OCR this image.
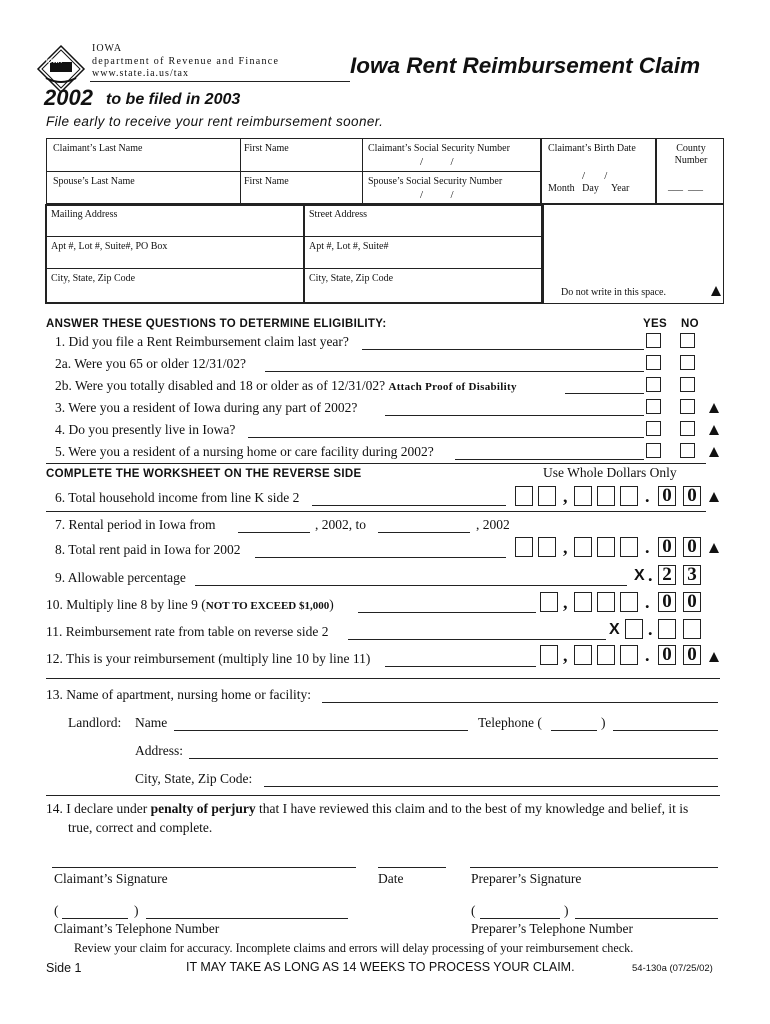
IOWA
IOWA
department of Revenue and Finance
www.state.ia.us/tax	Iowa Rent Reimbursement Claim
2002 to be filed in 2003
File early to receive your rent reimbursement sooner.
Claimant’s Last Name	First Name	Claimant’s Social Security Number
/          /
Spouse’s Last Name	First Name	Spouse’s Social Security Number
/          /
Claimant’s Birth Date
/       /
Month   Day     Year
County Number
___  ___
Mailing Address	Street Address
Apt #, Lot #, Suite#, PO Box	Apt #, Lot #, Suite#
City, State, Zip Code	City, State, Zip Code
Do not write in this space.
ANSWER THESE QUESTIONS TO DETERMINE ELIGIBILITY:	YES NO
1. Did you file a Rent Reimbursement claim last year?
2a. Were you 65 or older 12/31/02?
2b. Were you totally disabled and 18 or older as of 12/31/02? Attach Proof of Disability
3. Were you a resident of Iowa during any part of 2002?
4. Do you presently live in Iowa?
5. Were you a resident of a nursing home or care facility during 2002?
COMPLETE THE WORKSHEET ON THE REVERSE SIDE	Use Whole Dollars Only
6. Total household income from line K side 2	,	. 0 0
7. Rental period in Iowa from	, 2002, to	, 2002
8. Total rent paid in Iowa for 2002	,	. 0 0
9. Allowable percentage	X . 2 3
10. Multiply line 8 by line 9 (NOT TO EXCEED $1,000)	,	. 0 0
11. Reimbursement rate from table on reverse side 2	X .
12. This is your reimbursement (multiply line 10 by line 11)	,	. 0 0
13. Name of apartment, nursing home or facility:
Landlord: Name	Telephone (	)
Address:
City, State, Zip Code:
14. I declare under penalty of perjury that I have reviewed this claim and to the best of my knowledge and belief, it is
true, correct and complete.
Claimant’s Signature	Date	Preparer’s Signature
(	)	(	)
Claimant’s Telephone Number	Preparer’s Telephone Number
Review your claim for accuracy. Incomplete claims and errors will delay processing of your reimbursement check.
Side 1	IT MAY TAKE AS LONG AS 14 WEEKS TO PROCESS YOUR CLAIM.	54-130a (07/25/02)
